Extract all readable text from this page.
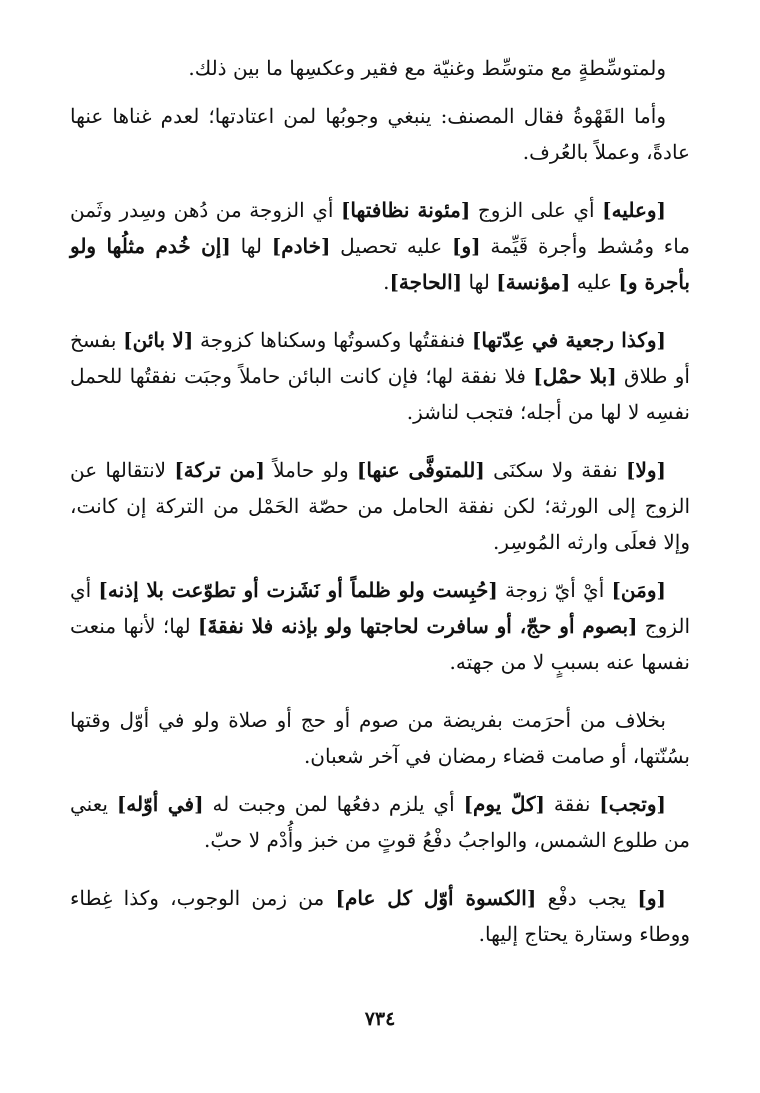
ولمتوسِّطةٍ مع متوسِّط وغنيّة مع فقير وعكسِها ما بين ذلك.

وأما القَهْوةُ فقال المصنف: ينبغي وجوبُها لمن اعتادتها؛ لعدم غناها عنها عادةً، وعملاً بالعُرف.

[وعليه] أي على الزوج [مئونة نظافتها] أي الزوجة من دُهن وسِدر وثَمن ماء ومُشط وأجرة قَيِّمة [و] عليه تحصيل [خادم] لها [إن خُدم مثلُها ولو بأجرة و] عليه [مؤنسة] لها [الحاجة].

[وكذا رجعية في عِدّتها] فنفقتُها وكسوتُها وسكناها كزوجة [لا بائن] بفسخ أو طلاق [بلا حمْل] فلا نفقة لها؛ فإن كانت البائن حاملاً وجبَت نفقتُها للحمل نفسِه لا لها من أجله؛ فتجب لناشز.

[ولا] نفقة ولا سكنَى [للمتوفَّى عنها] ولو حاملاً [من تركة] لانتقالها عن الزوج إلى الورثة؛ لكن نفقة الحامل من حصّة الحَمْل من التركة إن كانت، وإلا فعلَى وارثه المُوسِر.

[ومَن] أيْ أيّ زوجة [حُبِست ولو ظلماً أو نَشَزت أو تطوّعت بلا إذنه] أي الزوج [بصوم أو حجّ، أو سافرت لحاجتها ولو بإذنه فلا نفقةَ] لها؛ لأنها منعت نفسها عنه بسببٍ لا من جهته.

بخلاف من أحرَمت بفريضة من صوم أو حج أو صلاة ولو في أوّل وقتها بسُنّتها، أو صامت قضاء رمضان في آخر شعبان.

[وتجب] نفقة [كلّ يوم] أي يلزم دفعُها لمن وجبت له [في أوّله] يعني من طلوع الشمس، والواجبُ دفْعُ قوتٍ من خبز وأُدْم لا حبّ.

[و] يجب دفْع [الكسوة أوّل كل عام] من زمن الوجوب، وكذا غِطاء ووطاء وستارة يحتاج إليها.

٧٣٤
